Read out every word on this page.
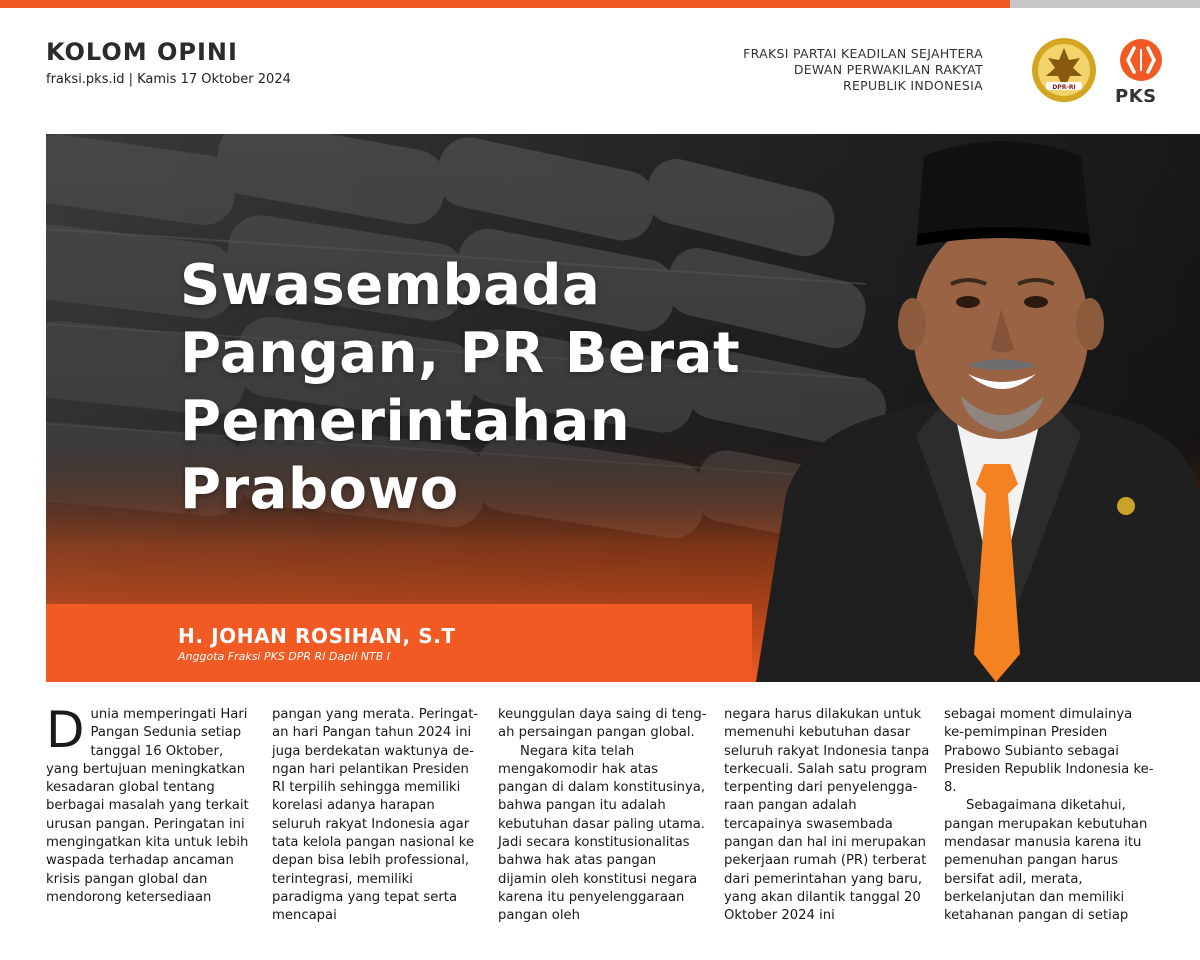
KOLOM OPINI
fraksi.pks.id | Kamis 17 Oktober 2024
FRAKSI PARTAI KEADILAN SEJAHTERA
DEWAN PERWAKILAN RAKYAT
REPUBLIK INDONESIA	DPR-RI PKS
Swasembada
Pangan, PR Berat
Pemerintahan
Prabowo
H. JOHAN ROSIHAN, S.T
Anggota Fraksi PKS DPR RI Dapil NTB I
D unia memperingati Hari Pangan Sedunia setiap tanggal 16 Oktober, yang bertujuan meningkatkan kesadaran global tentang berbagai masalah yang terkait urusan pangan. Peringatan ini mengingatkan kita untuk lebih waspada terhadap ancaman krisis pangan global dan mendorong ketersediaan

pangan yang merata. Peringat-an hari Pangan tahun 2024 ini juga berdekatan waktunya de-ngan hari pelantikan Presiden RI terpilih sehingga memiliki korelasi adanya harapan seluruh rakyat Indonesia agar tata kelola pangan nasional ke depan bisa lebih professional, terintegrasi, memiliki paradigma yang tepat serta mencapai

keunggulan daya saing di teng-ah persaingan pangan global.

Negara kita telah mengakomodir hak atas pangan di dalam konstitusinya, bahwa pangan itu adalah kebutuhan dasar paling utama. Jadi secara konstitusionalitas bahwa hak atas pangan dijamin oleh konstitusi negara karena itu penyelenggaraan pangan oleh

negara harus dilakukan untuk memenuhi kebutuhan dasar seluruh rakyat Indonesia tanpa terkecuali. Salah satu program terpenting dari penyelengga-raan pangan adalah tercapainya swasembada pangan dan hal ini merupakan pekerjaan rumah (PR) terberat dari pemerintahan yang baru, yang akan dilantik tanggal 20 Oktober 2024 ini

sebagai moment dimulainya ke-pemimpinan Presiden Prabowo Subianto sebagai Presiden Republik Indonesia ke-8.

Sebagaimana diketahui, pangan merupakan kebutuhan mendasar manusia karena itu pemenuhan pangan harus bersifat adil, merata, berkelanjutan dan memiliki ketahanan pangan di setiap
